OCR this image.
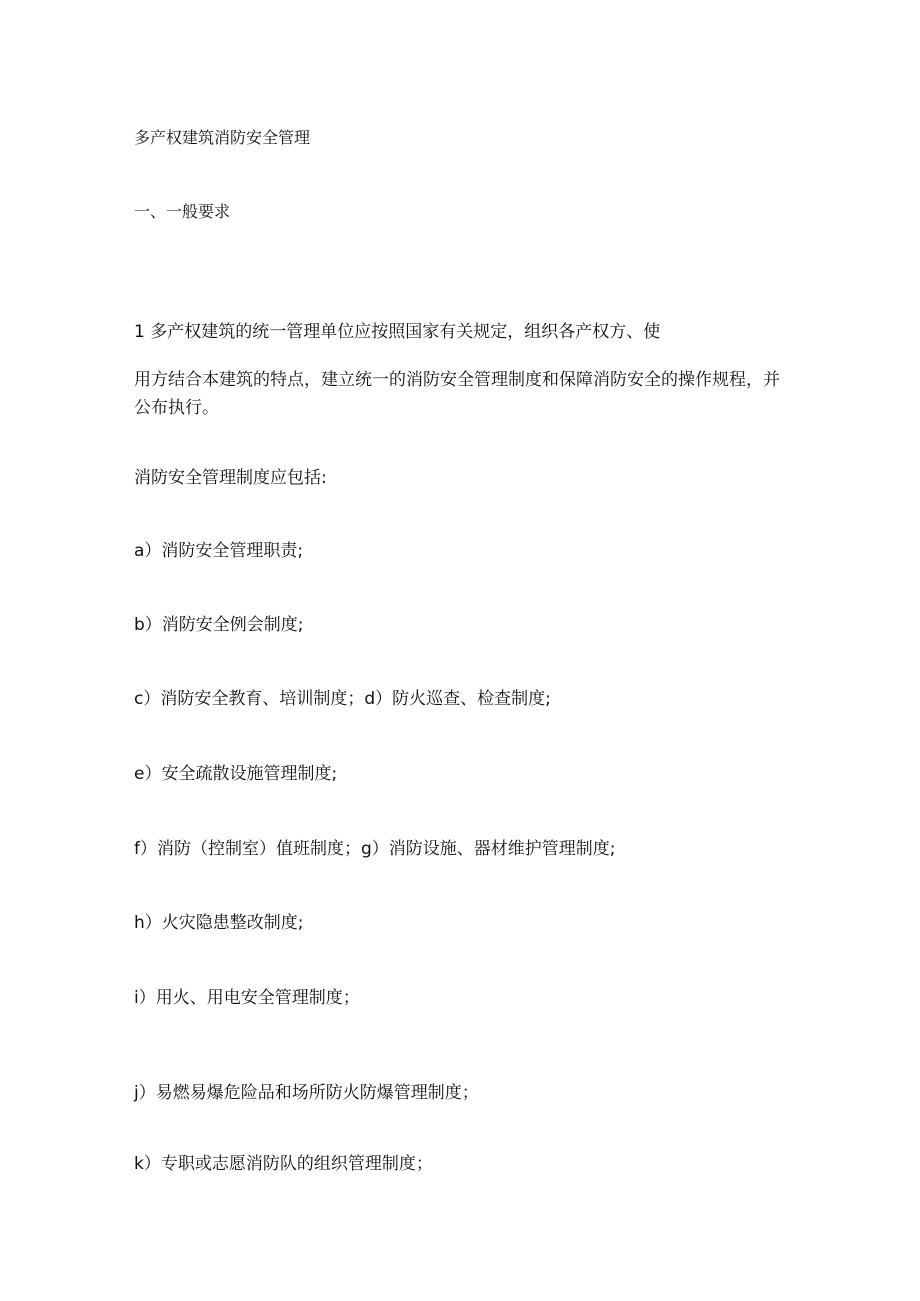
多产权建筑消防安全管理
一、一般要求
1 多产权建筑的统一管理单位应按照国家有关规定，组织各产权方、使
用方结合本建筑的特点，建立统一的消防安全管理制度和保障消防安全的操作规程，并公布执行。
消防安全管理制度应包括:
a）消防安全管理职责;
b）消防安全例会制度;
c）消防安全教育、培训制度；d）防火巡查、检查制度;
e）安全疏散设施管理制度;
f）消防（控制室）值班制度；g）消防设施、器材维护管理制度;
h）火灾隐患整改制度;
i）用火、用电安全管理制度；
j）易燃易爆危险品和场所防火防爆管理制度；
k）专职或志愿消防队的组织管理制度；
